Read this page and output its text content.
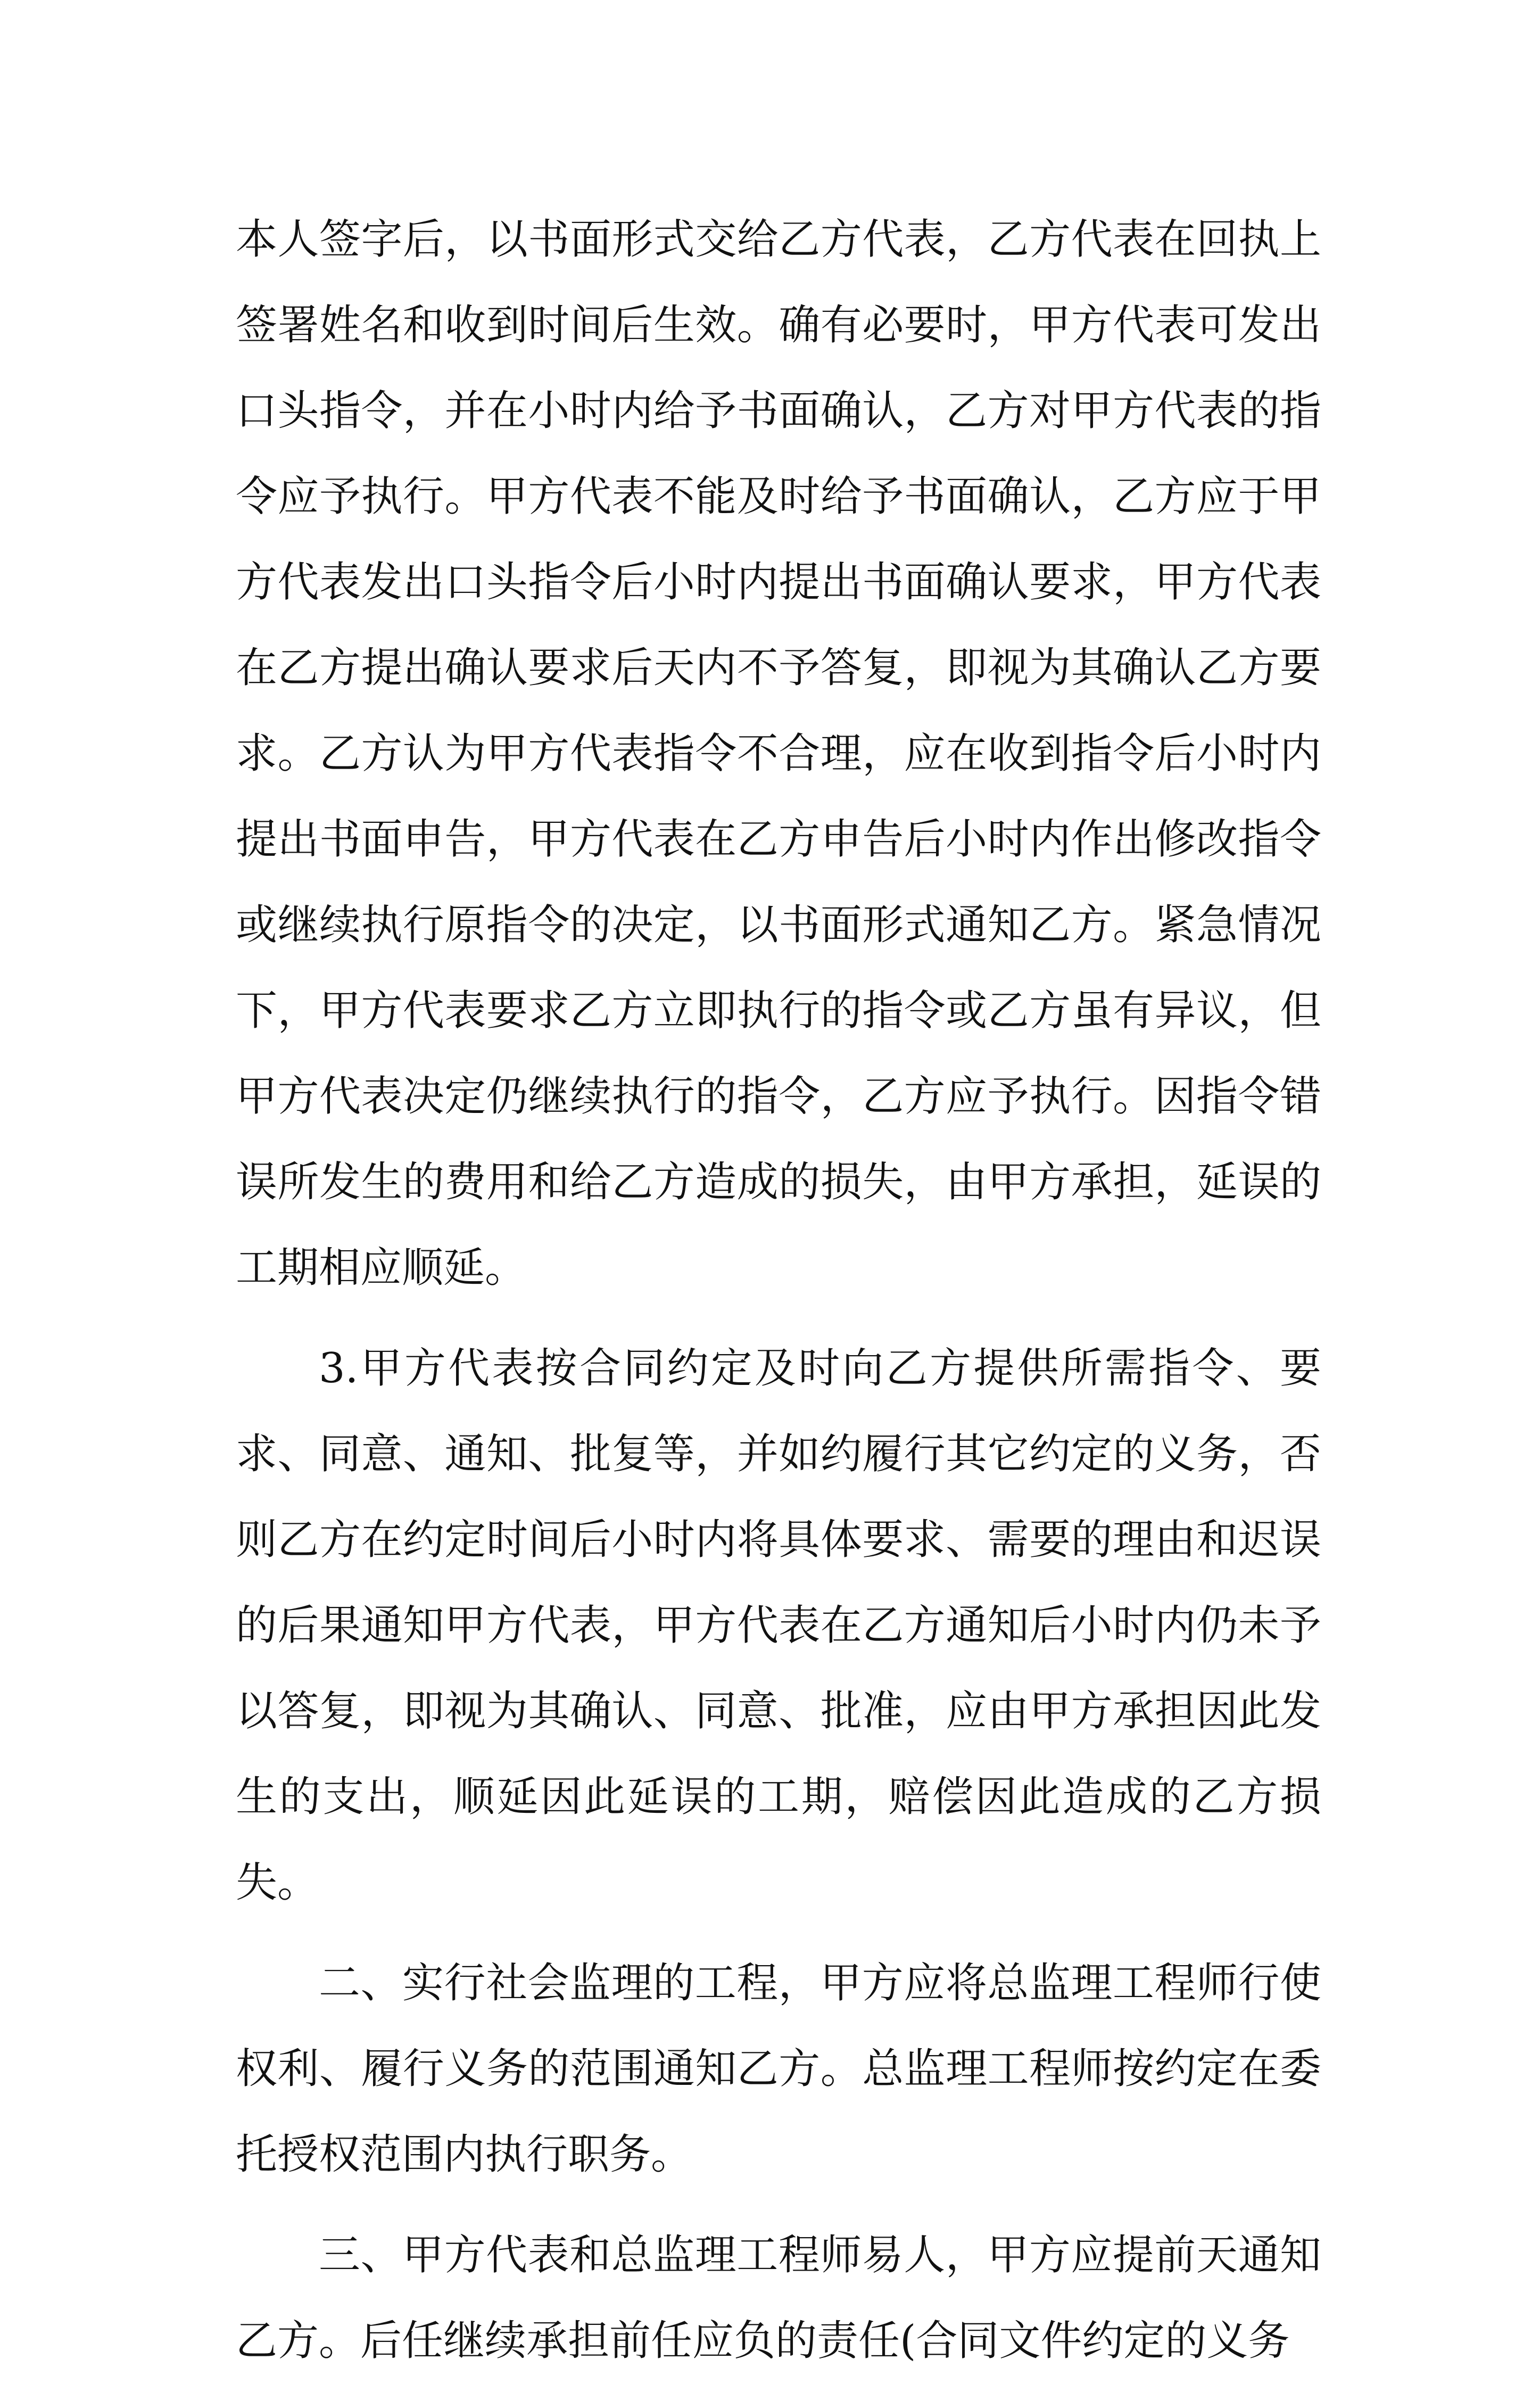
本人签字后，以书面形式交给乙方代表，乙方代表在回执上签署姓名和收到时间后生效。确有必要时，甲方代表可发出口头指令，并在小时内给予书面确认，乙方对甲方代表的指令应予执行。甲方代表不能及时给予书面确认，乙方应于甲方代表发出口头指令后小时内提出书面确认要求，甲方代表在乙方提出确认要求后天内不予答复，即视为其确认乙方要求。乙方认为甲方代表指令不合理，应在收到指令后小时内提出书面申告，甲方代表在乙方申告后小时内作出修改指令或继续执行原指令的决定，以书面形式通知乙方。紧急情况下，甲方代表要求乙方立即执行的指令或乙方虽有异议，但甲方代表决定仍继续执行的指令，乙方应予执行。因指令错误所发生的费用和给乙方造成的损失，由甲方承担，延误的工期相应顺延。

3.甲方代表按合同约定及时向乙方提供所需指令、要求、同意、通知、批复等，并如约履行其它约定的义务，否则乙方在约定时间后小时内将具体要求、需要的理由和迟误的后果通知甲方代表，甲方代表在乙方通知后小时内仍未予以答复，即视为其确认、同意、批准，应由甲方承担因此发生的支出，顺延因此延误的工期，赔偿因此造成的乙方损失。

二、实行社会监理的工程，甲方应将总监理工程师行使权利、履行义务的范围通知乙方。总监理工程师按约定在委托授权范围内执行职务。

三、甲方代表和总监理工程师易人，甲方应提前天通知乙方。后任继续承担前任应负的责任(合同文件约定的义务
